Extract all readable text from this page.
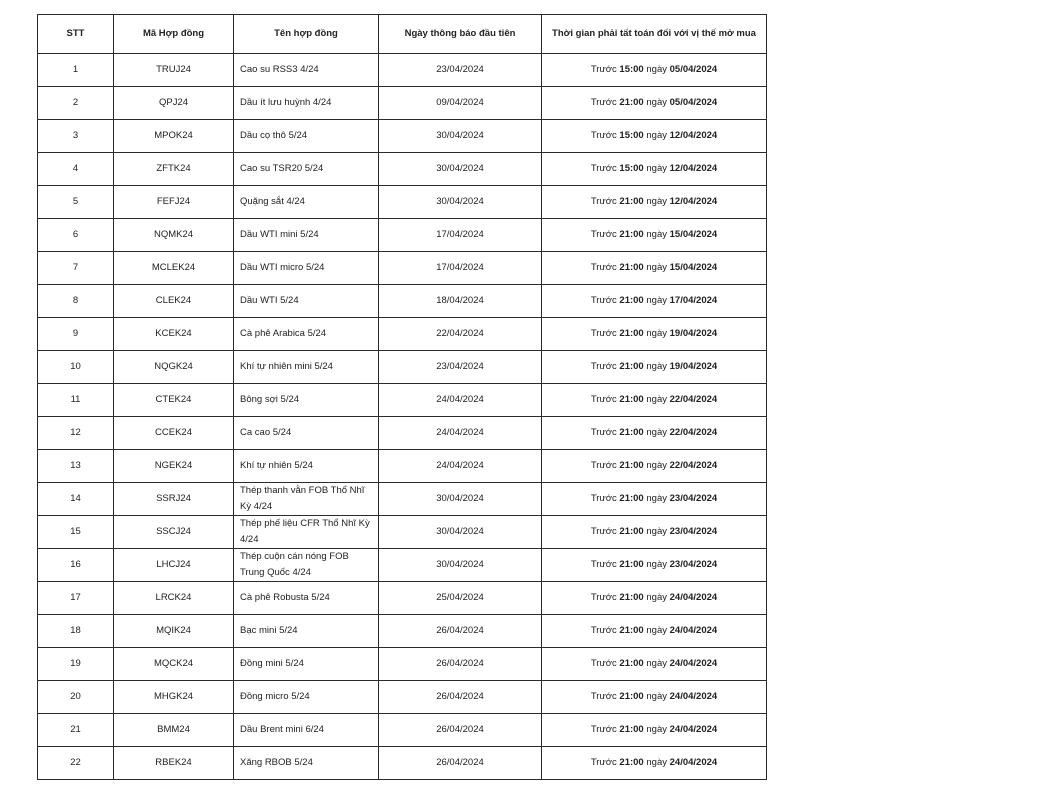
STT	Mã Hợp đồng	Tên hợp đồng	Ngày thông báo đầu tiên	Thời gian phải tất toán đối với vị thế mở mua
1	TRUJ24	Cao su RSS3 4/24	23/04/2024	Trước 15:00 ngày 05/04/2024
2	QPJ24	Dầu ít lưu huỳnh 4/24	09/04/2024	Trước 21:00 ngày 05/04/2024
3	MPOK24	Dầu cọ thô 5/24	30/04/2024	Trước 15:00 ngày 12/04/2024
4	ZFTK24	Cao su TSR20 5/24	30/04/2024	Trước 15:00 ngày 12/04/2024
5	FEFJ24	Quặng sắt 4/24	30/04/2024	Trước 21:00 ngày 12/04/2024
6	NQMK24	Dầu WTI mini 5/24	17/04/2024	Trước 21:00 ngày 15/04/2024
7	MCLEK24	Dầu WTI micro 5/24	17/04/2024	Trước 21:00 ngày 15/04/2024
8	CLEK24	Dầu WTI 5/24	18/04/2024	Trước 21:00 ngày 17/04/2024
9	KCEK24	Cà phê Arabica 5/24	22/04/2024	Trước 21:00 ngày 19/04/2024
10	NQGK24	Khí tự nhiên mini 5/24	23/04/2024	Trước 21:00 ngày 19/04/2024
11	CTEK24	Bông sợi 5/24	24/04/2024	Trước 21:00 ngày 22/04/2024
12	CCEK24	Ca cao 5/24	24/04/2024	Trước 21:00 ngày 22/04/2024
13	NGEK24	Khí tự nhiên 5/24	24/04/2024	Trước 21:00 ngày 22/04/2024
14	SSRJ24	Thép thanh vằn FOB Thổ Nhĩ Kỳ 4/24	30/04/2024	Trước 21:00 ngày 23/04/2024
15	SSCJ24	Thép phế liệu CFR Thổ Nhĩ Kỳ 4/24	30/04/2024	Trước 21:00 ngày 23/04/2024
16	LHCJ24	Thép cuộn cán nóng FOB Trung Quốc 4/24	30/04/2024	Trước 21:00 ngày 23/04/2024
17	LRCK24	Cà phê Robusta 5/24	25/04/2024	Trước 21:00 ngày 24/04/2024
18	MQIK24	Bạc mini 5/24	26/04/2024	Trước 21:00 ngày 24/04/2024
19	MQCK24	Đồng mini 5/24	26/04/2024	Trước 21:00 ngày 24/04/2024
20	MHGK24	Đồng micro 5/24	26/04/2024	Trước 21:00 ngày 24/04/2024
21	BMM24	Dầu Brent mini 6/24	26/04/2024	Trước 21:00 ngày 24/04/2024
22	RBEK24	Xăng RBOB 5/24	26/04/2024	Trước 21:00 ngày 24/04/2024
